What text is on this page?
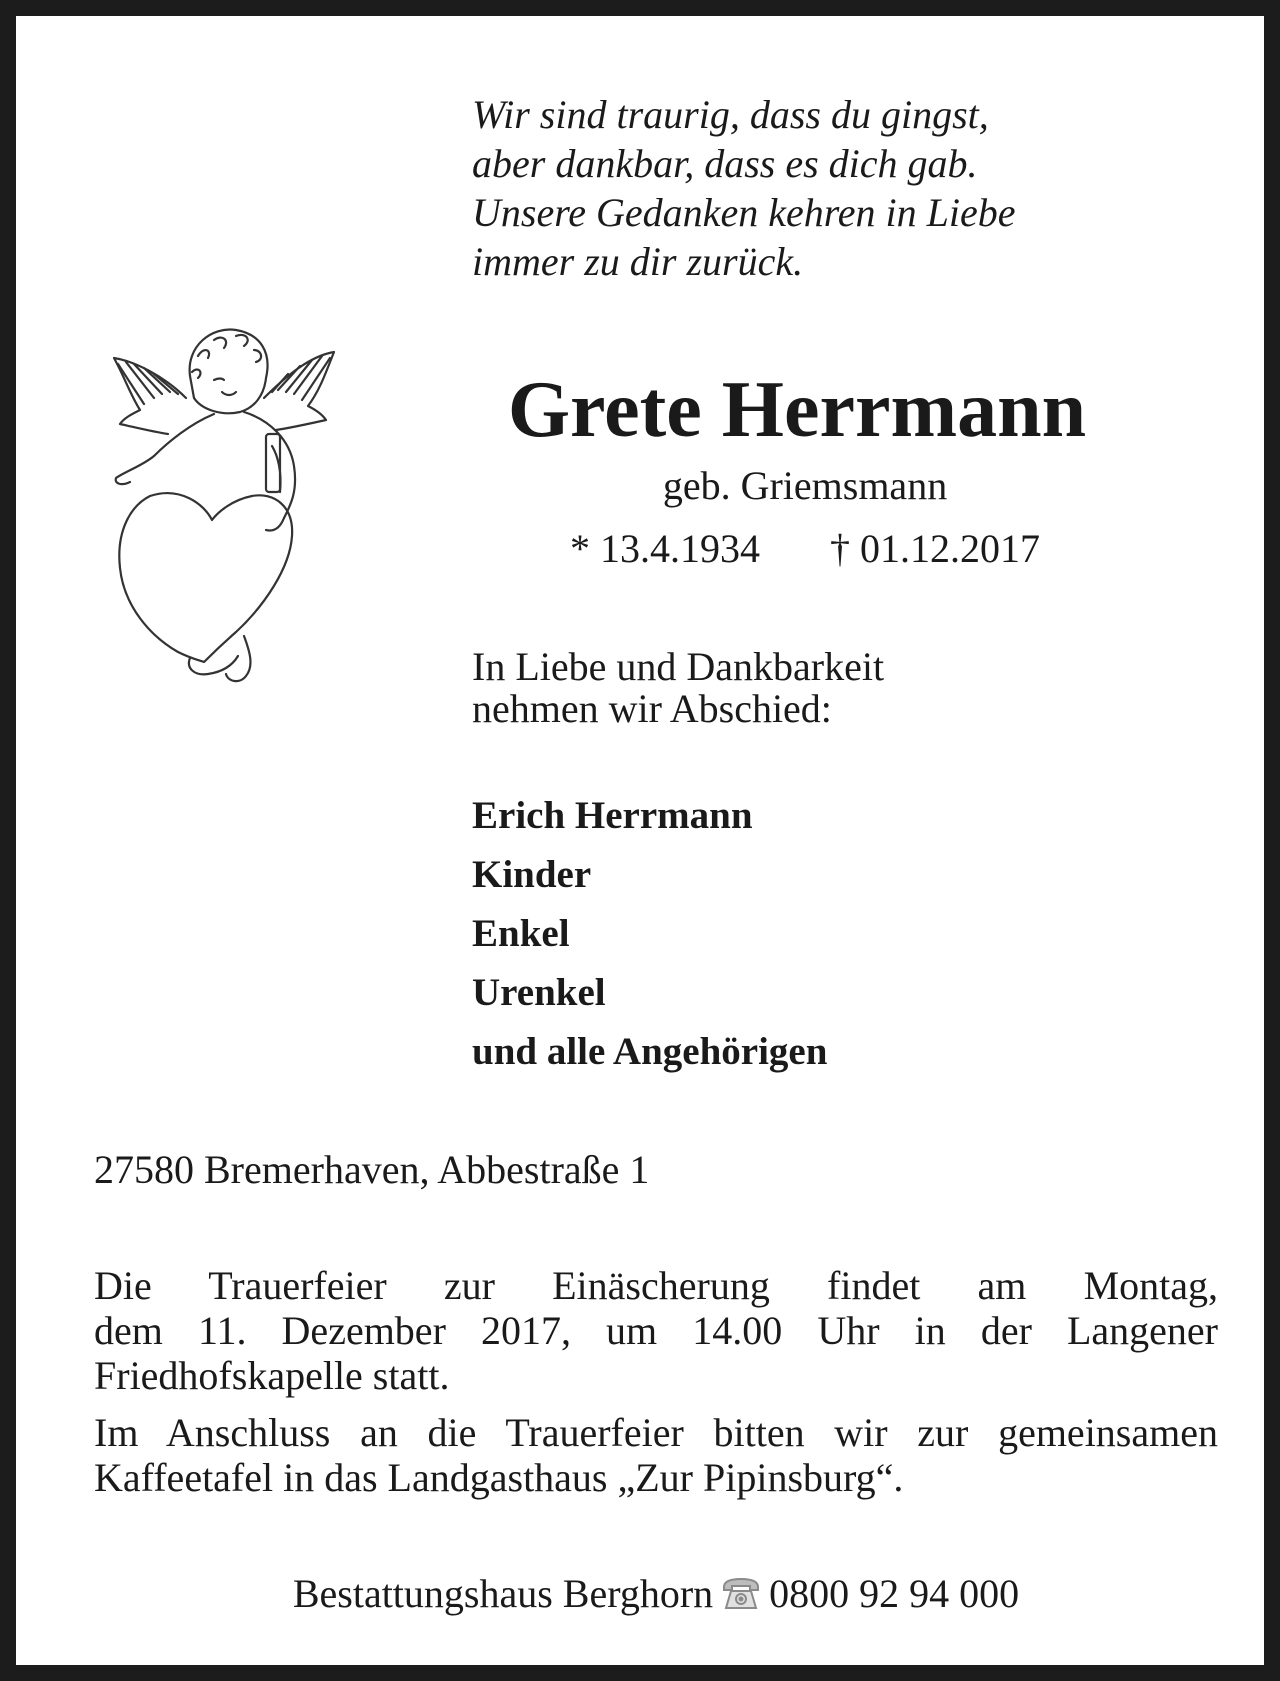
Wir sind traurig, dass du gingst,
aber dankbar, dass es dich gab.
Unsere Gedanken kehren in Liebe
immer zu dir zurück.
Grete Herrmann
geb. Griemsmann
* 13.4.1934 † 01.12.2017
In Liebe und Dankbarkeit
nehmen wir Abschied:
Erich Herrmann
Kinder
Enkel
Urenkel
und alle Angehörigen
27580 Bremerhaven, Abbestraße 1

Die Trauerfeier zur Einäscherung findet am Montag,
dem 11. Dezember 2017, um 14.00 Uhr in der Langener
Friedhofskapelle statt.

Im Anschluss an die Trauerfeier bitten wir zur gemeinsamen
Kaffeetafel in das Landgasthaus „Zur Pipinsburg“.

Bestattungshaus Berghorn 0800 92 94 000
